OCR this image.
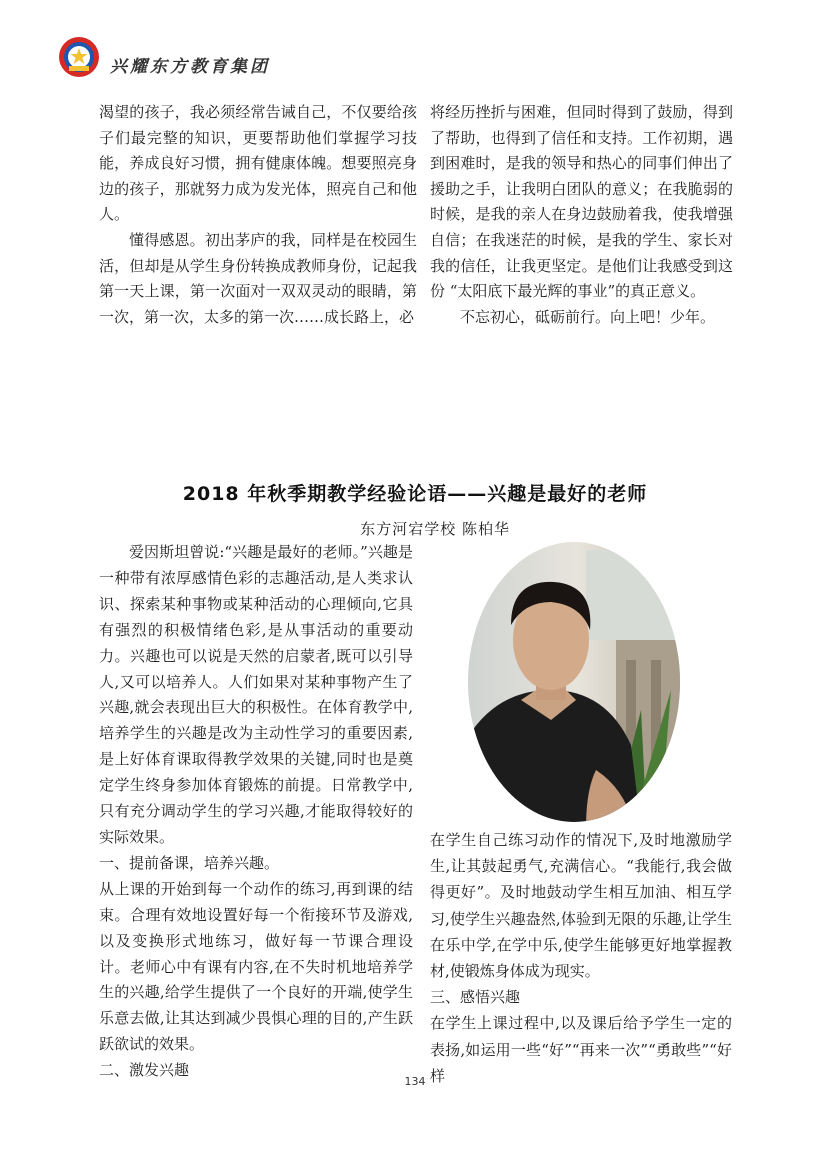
兴耀东方教育集团

渴望的孩子，我必须经常告诫自己，不仅要给孩子们最完整的知识，更要帮助他们掌握学习技能，养成良好习惯，拥有健康体魄。想要照亮身边的孩子，那就努力成为发光体，照亮自己和他人。

懂得感恩。初出茅庐的我，同样是在校园生活，但却是从学生身份转换成教师身份，记起我第一天上课，第一次面对一双双灵动的眼睛，第一次，第一次，太多的第一次……成长路上，必

将经历挫折与困难，但同时得到了鼓励，得到了帮助，也得到了信任和支持。工作初期，遇到困难时，是我的领导和热心的同事们伸出了援助之手，让我明白团队的意义；在我脆弱的时候，是我的亲人在身边鼓励着我，使我增强自信；在我迷茫的时候，是我的学生、家长对我的信任，让我更坚定。是他们让我感受到这份 “太阳底下最光辉的事业”的真正意义。

不忘初心，砥砺前行。向上吧！少年。

2018 年秋季期教学经验论语——兴趣是最好的老师
东方河宕学校 陈柏华

爱因斯坦曾说:“兴趣是最好的老师。”兴趣是一种带有浓厚感情色彩的志趣活动,是人类求认识、探索某种事物或某种活动的心理倾向,它具有强烈的积极情绪色彩,是从事活动的重要动力。兴趣也可以说是天然的启蒙者,既可以引导人,又可以培养人。人们如果对某种事物产生了兴趣,就会表现出巨大的积极性。在体育教学中,培养学生的兴趣是改为主动性学习的重要因素,是上好体育课取得教学效果的关键,同时也是奠定学生终身参加体育锻炼的前提。日常教学中,只有充分调动学生的学习兴趣,才能取得较好的实际效果。

一、提前备课，培养兴趣。

从上课的开始到每一个动作的练习,再到课的结束。合理有效地设置好每一个衔接环节及游戏,以及变换形式地练习，做好每一节课合理设计。老师心中有课有内容,在不失时机地培养学生的兴趣,给学生提供了一个良好的开端,使学生乐意去做,让其达到减少畏惧心理的目的,产生跃跃欲试的效果。

二、激发兴趣

在学生自己练习动作的情况下,及时地激励学生,让其鼓起勇气,充满信心。“我能行,我会做得更好”。及时地鼓动学生相互加油、相互学习,使学生兴趣盎然,体验到无限的乐趣,让学生在乐中学,在学中乐,使学生能够更好地掌握教材,使锻炼身体成为现实。

三、感悟兴趣

在学生上课过程中,以及课后给予学生一定的表扬,如运用一些“好”“再来一次”“勇敢些”“好样

134
